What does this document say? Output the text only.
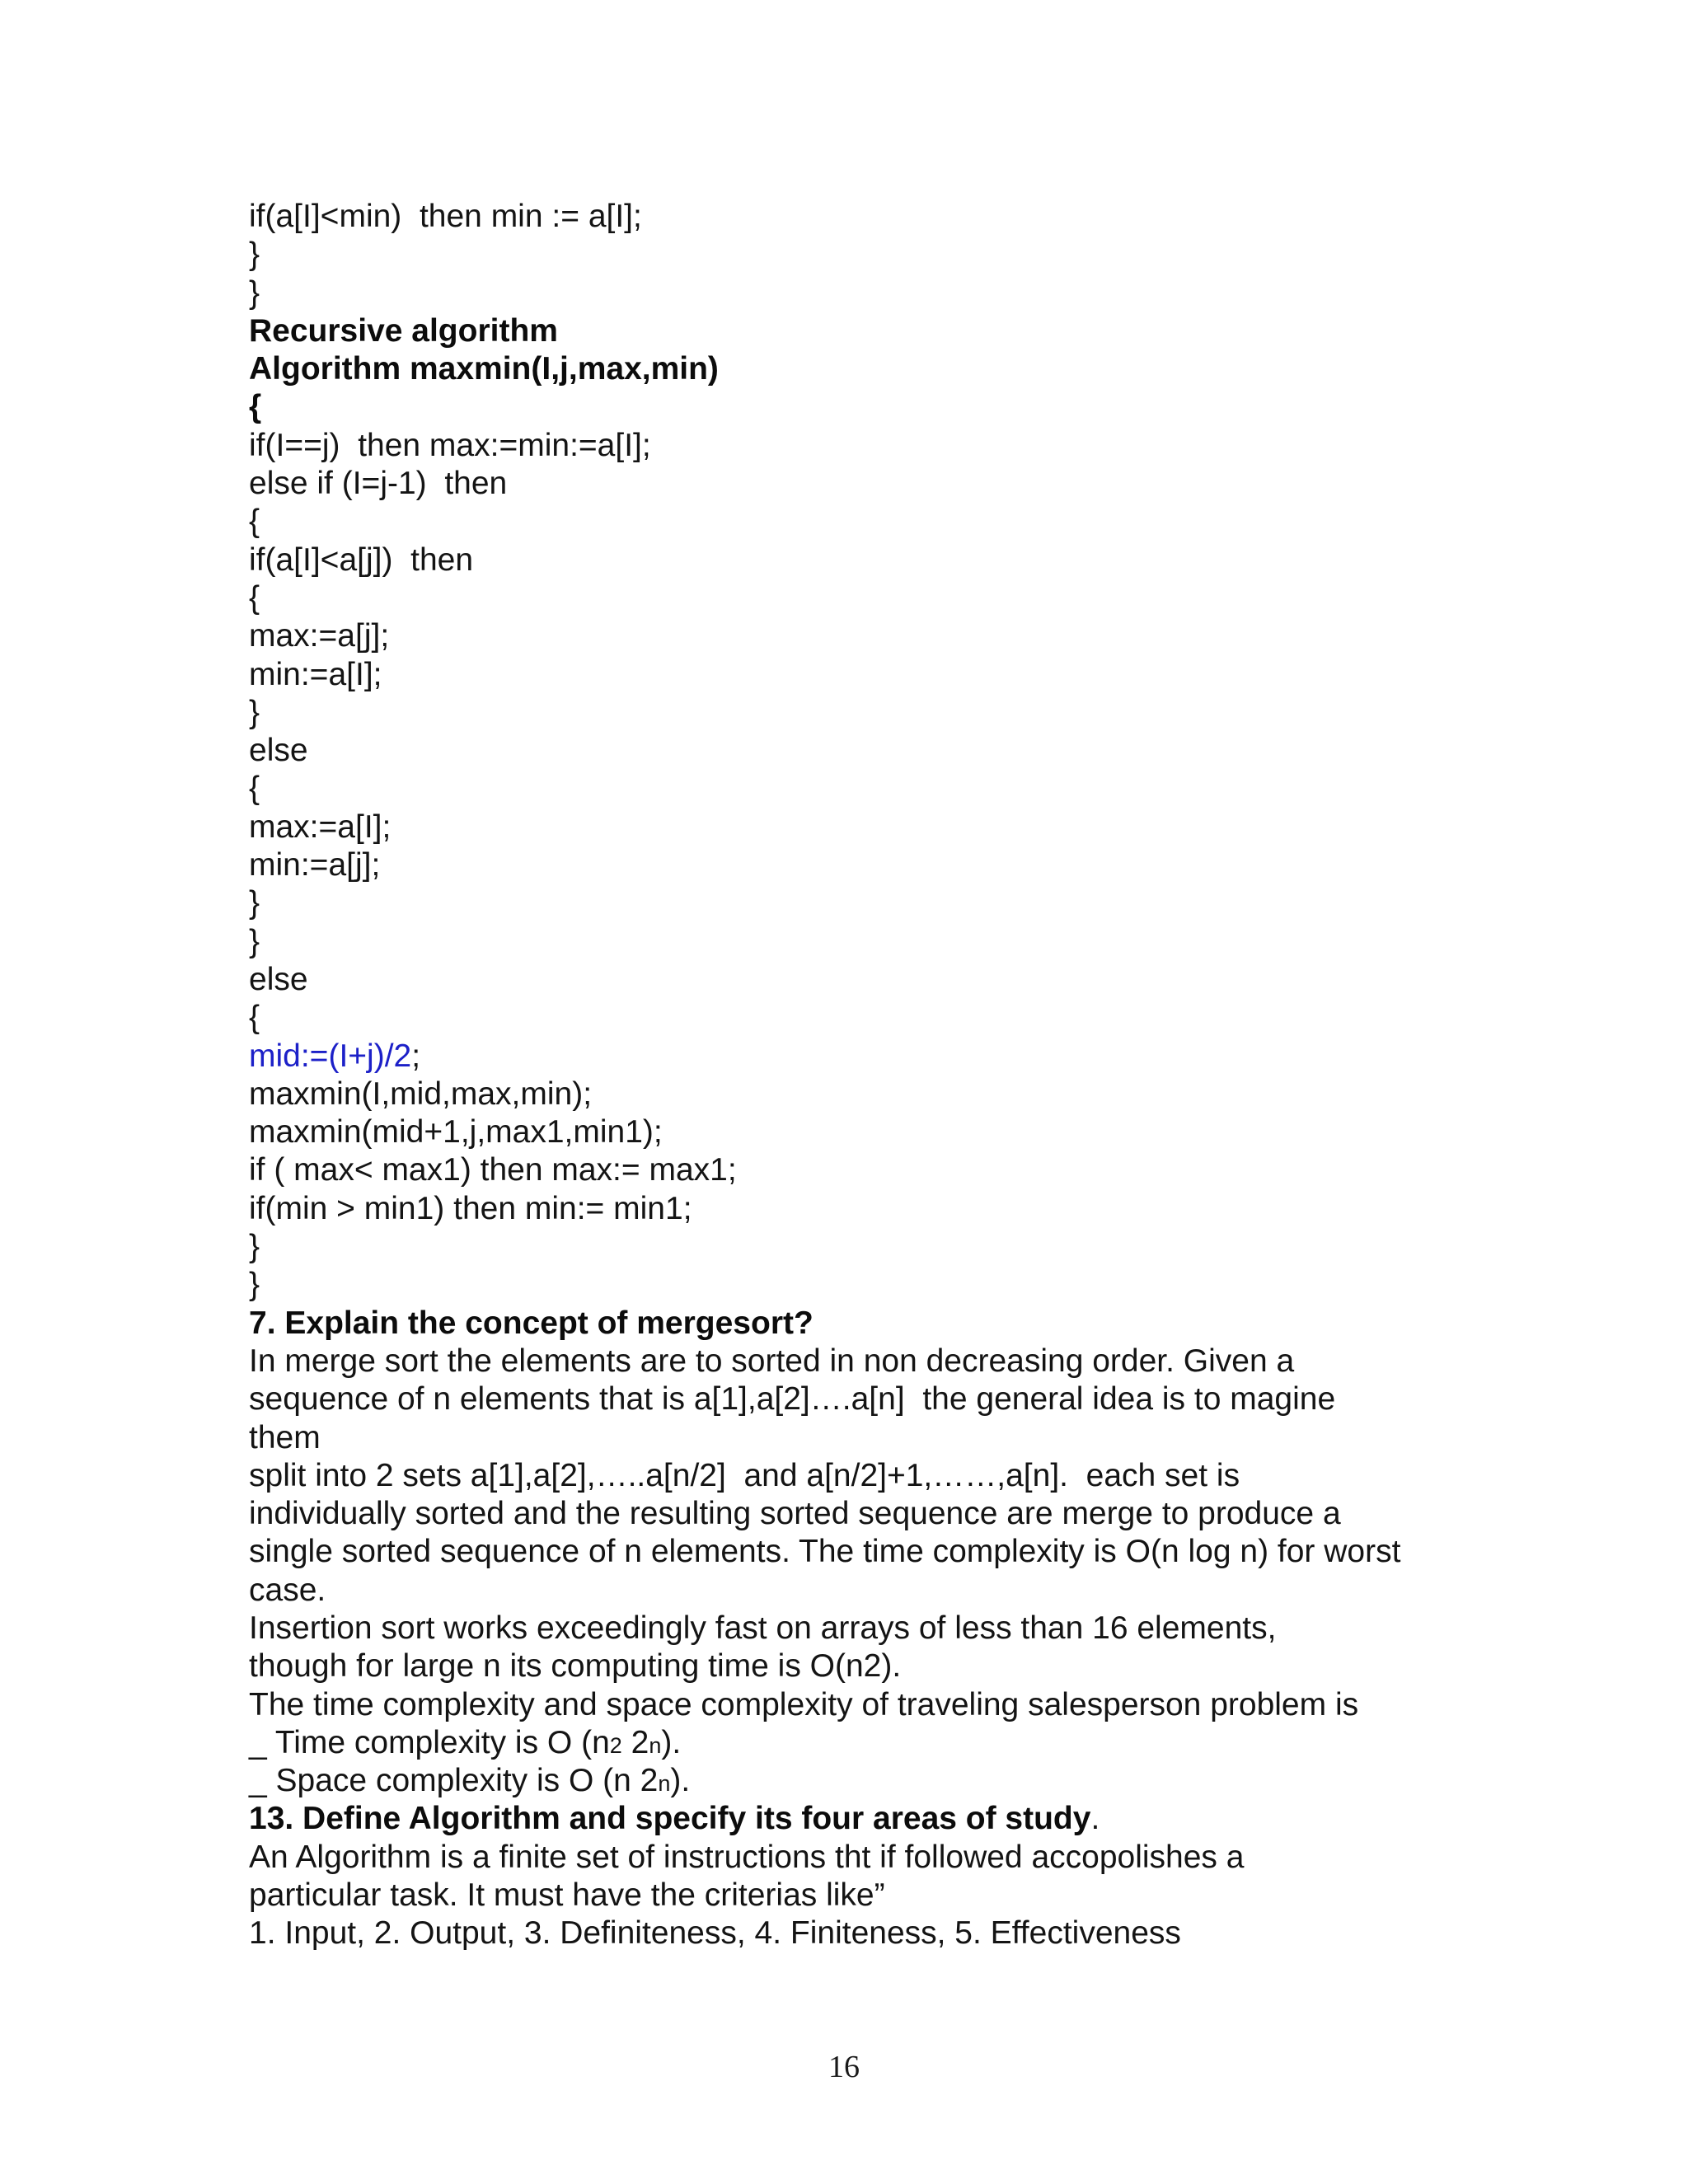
if(a[I]<min)  then min := a[I];
}
}
Recursive algorithm
Algorithm maxmin(I,j,max,min)
{
if(I==j)  then max:=min:=a[I];
else if (I=j-1)  then
{
if(a[I]<a[j])  then
{
max:=a[j];
min:=a[I];
}
else
{
max:=a[I];
min:=a[j];
}
}
else
{
mid:=(I+j)/2;
maxmin(I,mid,max,min);
maxmin(mid+1,j,max1,min1);
if ( max< max1) then max:= max1;
if(min > min1) then min:= min1;
}
}
7. Explain the concept of mergesort?
In merge sort the elements are to sorted in non decreasing order. Given a
sequence of n elements that is a[1],a[2]….a[n]  the general idea is to magine
them
split into 2 sets a[1],a[2],…..a[n/2]  and a[n/2]+1,……,a[n].  each set is
individually sorted and the resulting sorted sequence are merge to produce a
single sorted sequence of n elements. The time complexity is O(n log n) for worst
case.
Insertion sort works exceedingly fast on arrays of less than 16 elements,
though for large n its computing time is O(n2).
The time complexity and space complexity of traveling salesperson problem is
_ Time complexity is O (n2 2n).
_ Space complexity is O (n 2n).
13. Define Algorithm and specify its four areas of study.
An Algorithm is a finite set of instructions tht if followed accopolishes a
particular task. It must have the criterias like”
1. Input, 2. Output, 3. Definiteness, 4. Finiteness, 5. Effectiveness
16
